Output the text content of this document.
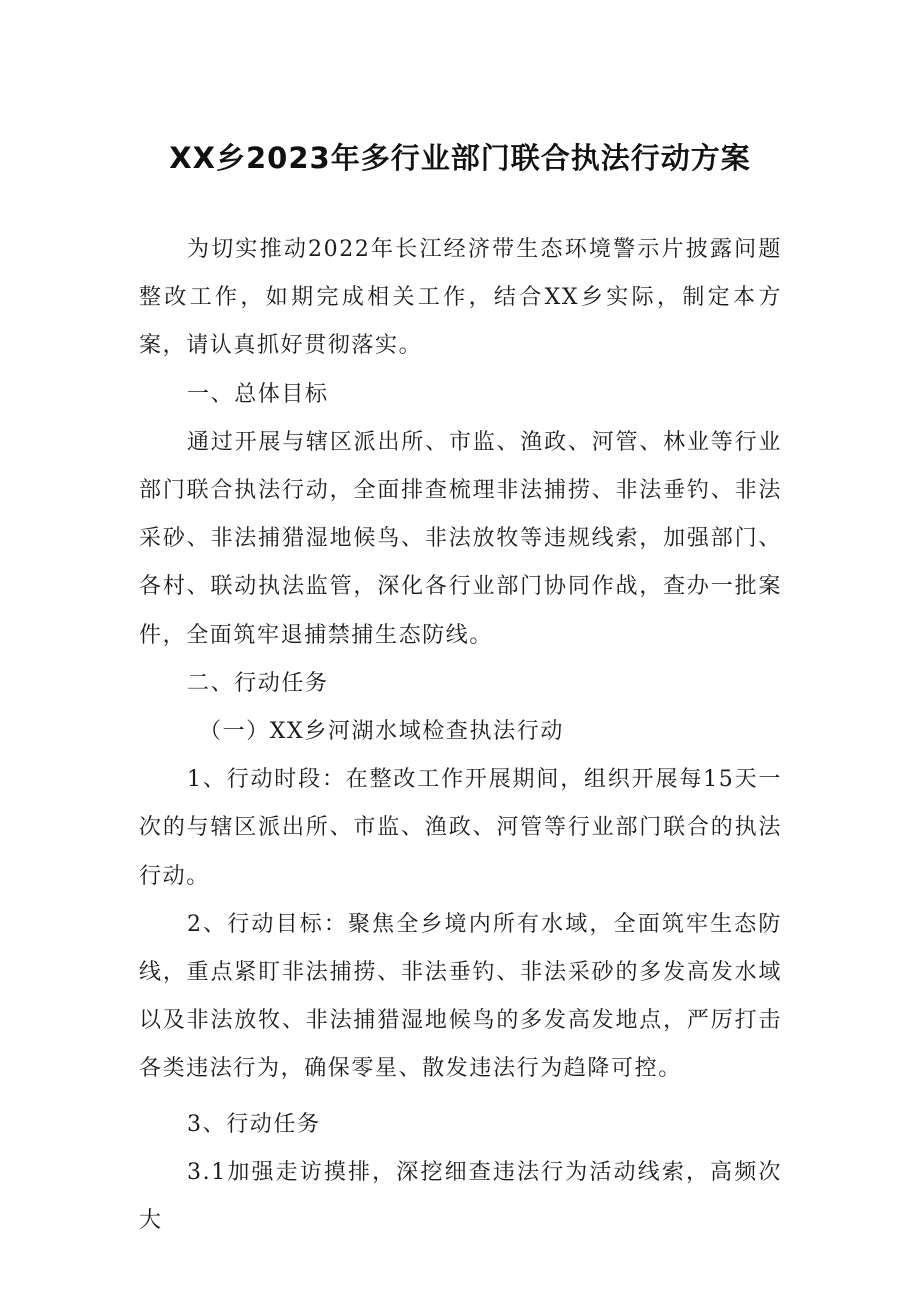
XX乡2023年多行业部门联合执法行动方案

为切实推动2022年长江经济带生态环境警示片披露问题整改工作，如期完成相关工作，结合XX乡实际，制定本方案，请认真抓好贯彻落实。

一、总体目标

通过开展与辖区派出所、市监、渔政、河管、林业等行业部门联合执法行动，全面排查梳理非法捕捞、非法垂钓、非法采砂、非法捕猎湿地候鸟、非法放牧等违规线索，加强部门、各村、联动执法监管，深化各行业部门协同作战，查办一批案件，全面筑牢退捕禁捕生态防线。

二、行动任务

（一）XX乡河湖水域检查执法行动

1、行动时段：在整改工作开展期间，组织开展每15天一次的与辖区派出所、市监、渔政、河管等行业部门联合的执法行动。

2、行动目标：聚焦全乡境内所有水域，全面筑牢生态防线，重点紧盯非法捕捞、非法垂钓、非法采砂的多发高发水域以及非法放牧、非法捕猎湿地候鸟的多发高发地点，严厉打击各类违法行为，确保零星、散发违法行为趋降可控。

3、行动任务

3.1加强走访摸排，深挖细查违法行为活动线索，高频次大
